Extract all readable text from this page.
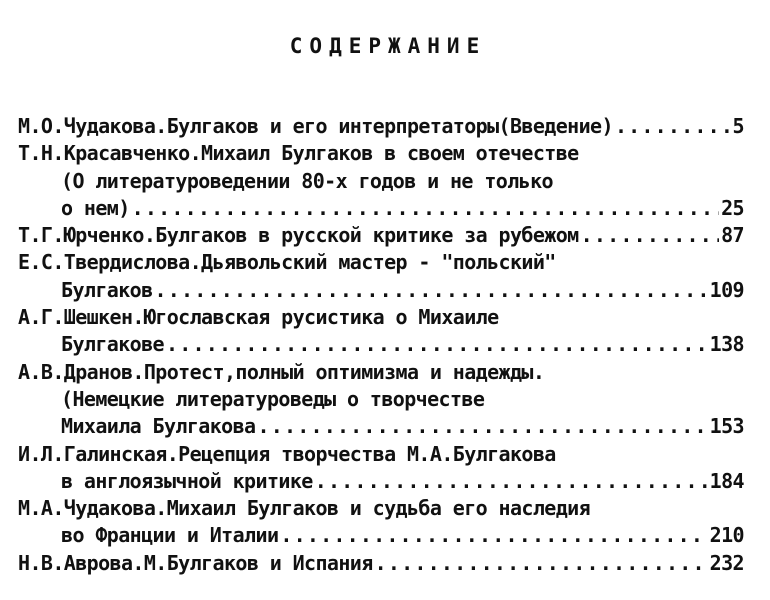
СОДЕРЖАНИЕ
М.О.Чудакова.Булгаков и его интерпретаторы(Введение) .....	5
Т.Н.Красавченко.Михаил Булгаков в своем отечестве
(О литературоведении 80-х годов и не только
о нем) .....	25
Т.Г.Юрченко.Булгаков в русской критике за рубежом .....	87
Е.С.Твердислова.Дьявольский мастер - "польский"
Булгаков .....	109
А.Г.Шешкен.Югославская русистика о Михаиле
Булгакове .....	138
А.В.Дранов.Протест,полный оптимизма и надежды.
(Немецкие литературоведы о творчестве
Михаила Булгакова .....	153
И.Л.Галинская.Рецепция творчества М.А.Булгакова
в англоязычной критике .....	184
М.А.Чудакова.Михаил Булгаков и судьба его наследия
во Франции и Италии .....	210
Н.В.Аврова.М.Булгаков и Испания .....	232
